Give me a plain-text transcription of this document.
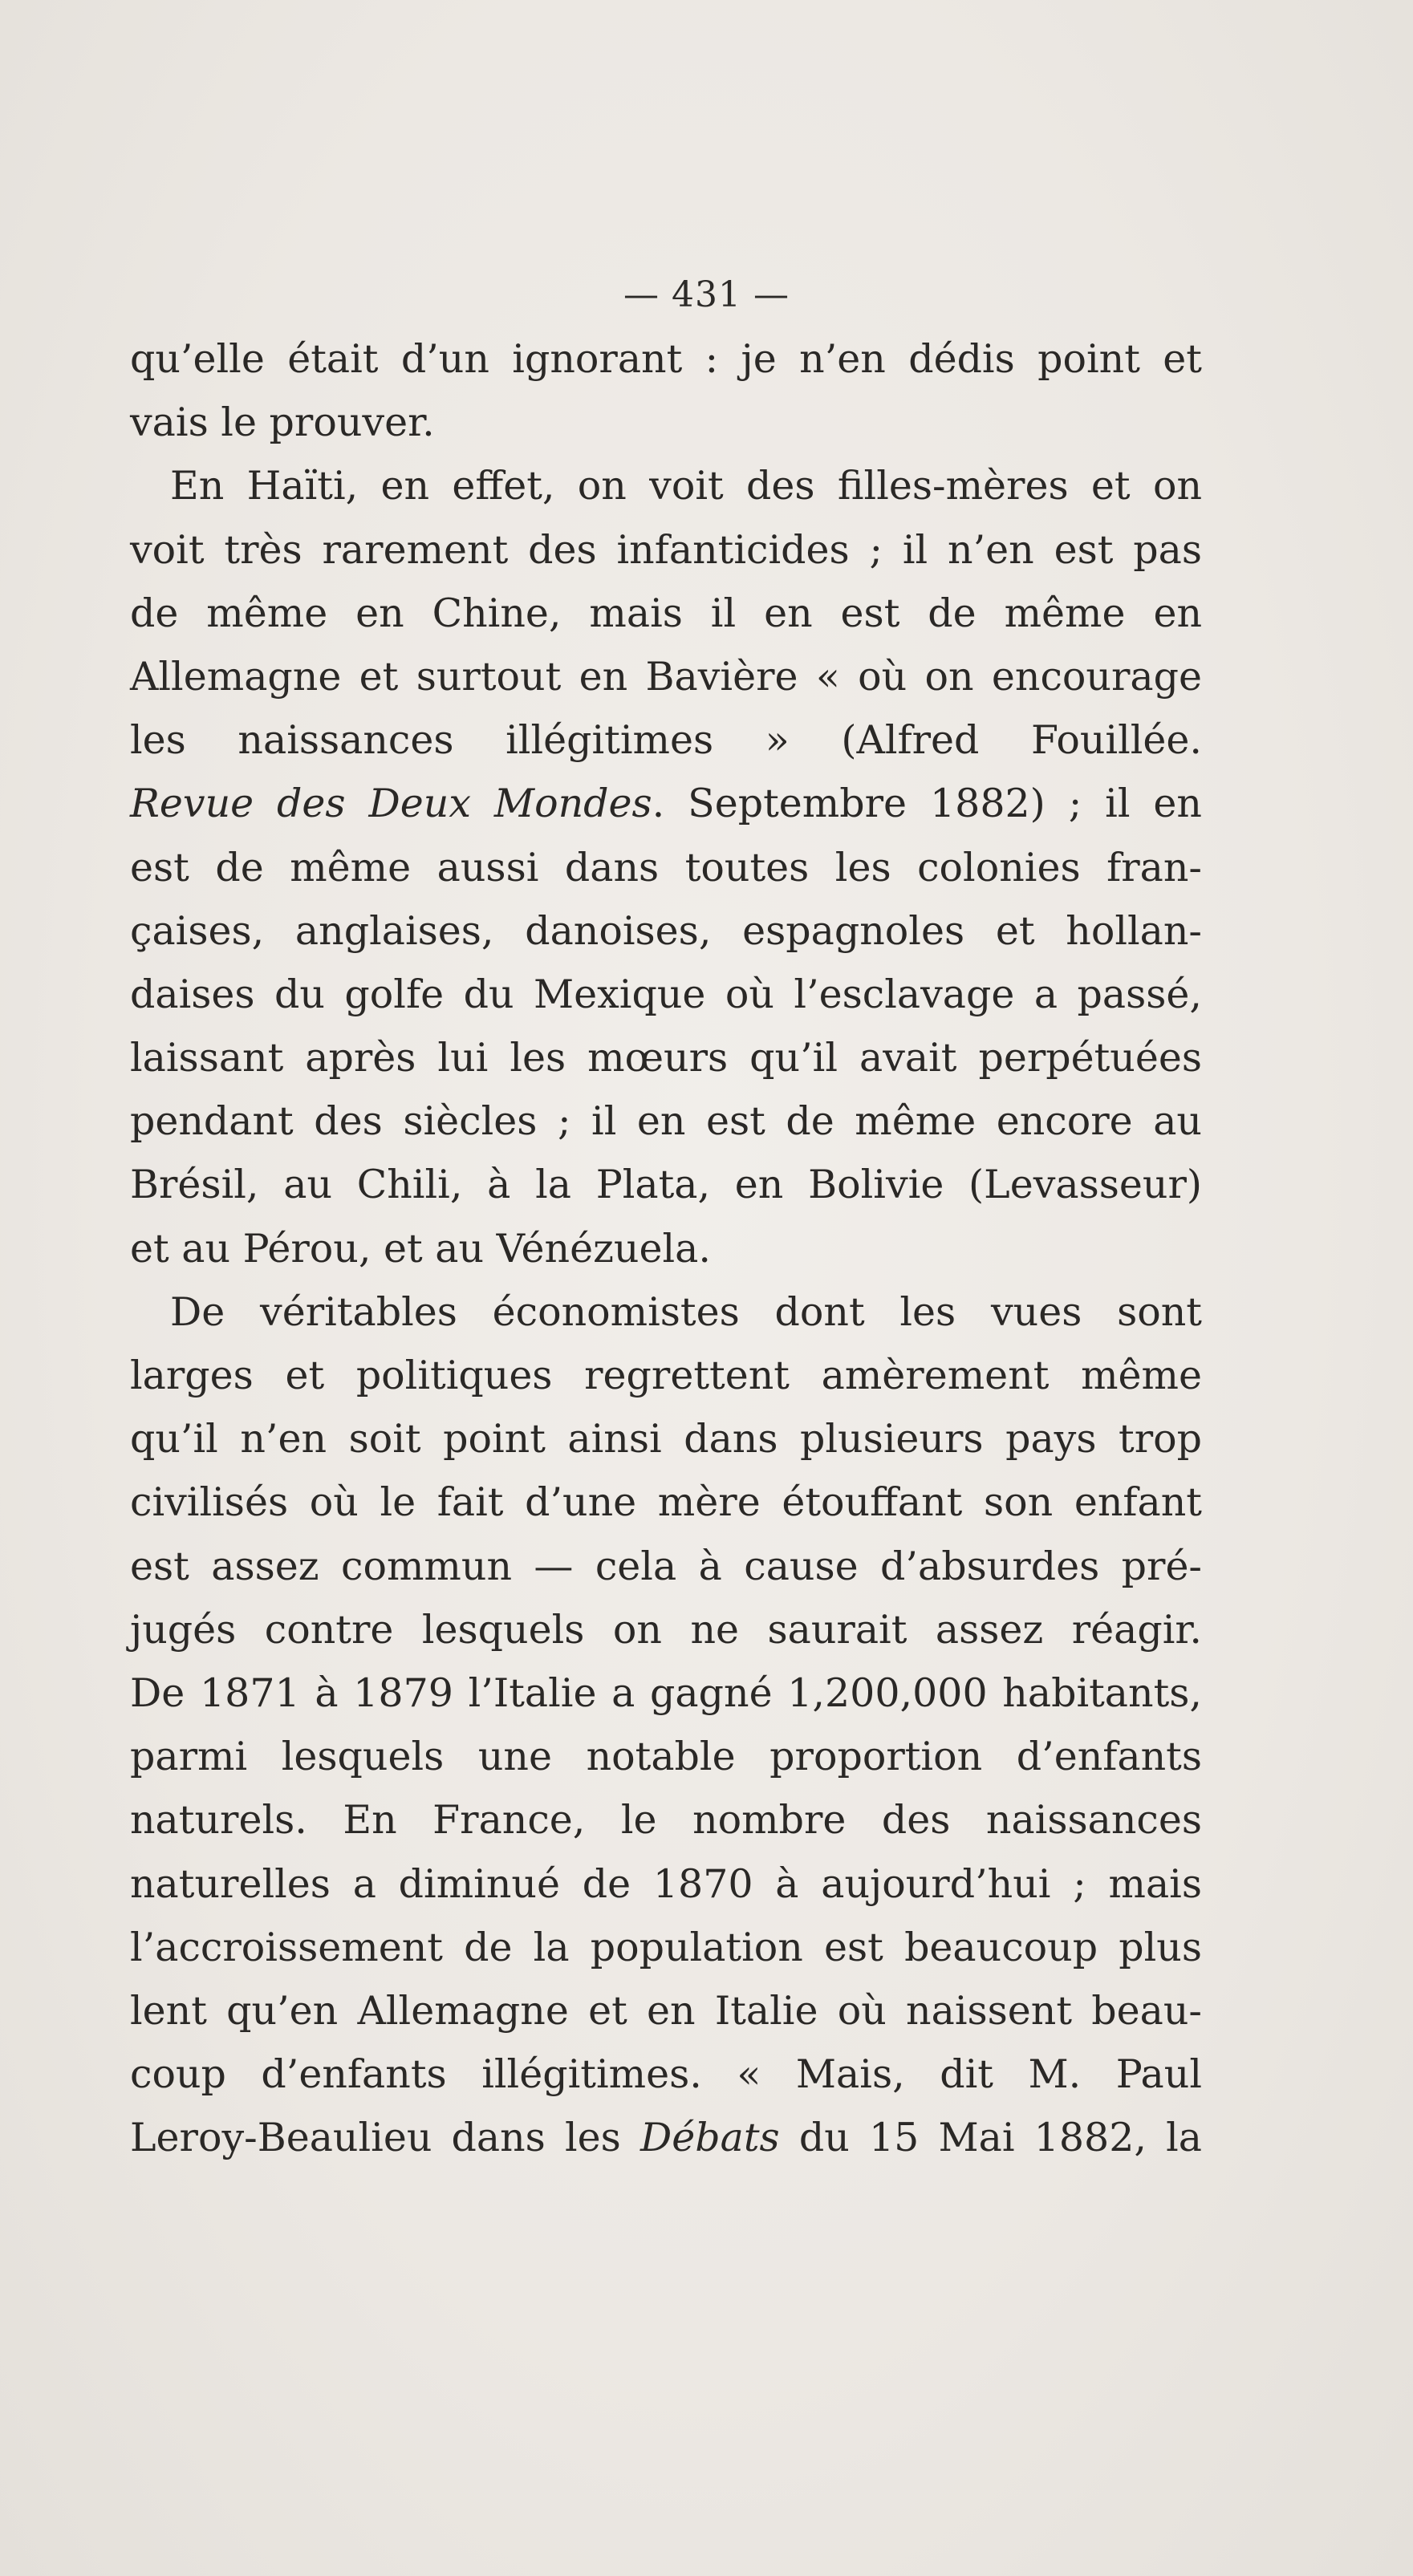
— 431 —
qu’elle était d’un ignorant : je n’en dédis point et
vais le prouver.
En Haïti, en effet, on voit des filles-mères et on
voit très rarement des infanticides ; il n’en est pas
de même en Chine, mais il en est de même en
Allemagne et surtout en Bavière « où on encourage
les naissances illégitimes » (Alfred Fouillée.
Revue des Deux Mondes. Septembre 1882) ; il en
est de même aussi dans toutes les colonies fran-
çaises, anglaises, danoises, espagnoles et hollan-
daises du golfe du Mexique où l’esclavage a passé,
laissant après lui les mœurs qu’il avait perpétuées
pendant des siècles ; il en est de même encore au
Brésil, au Chili, à la Plata, en Bolivie (Levasseur)
et au Pérou, et au Vénézuela.
De véritables économistes dont les vues sont
larges et politiques regrettent amèrement même
qu’il n’en soit point ainsi dans plusieurs pays trop
civilisés où le fait d’une mère étouffant son enfant
est assez commun — cela à cause d’absurdes pré-
jugés contre lesquels on ne saurait assez réagir.
De 1871 à 1879 l’Italie a gagné 1,200,000 habitants,
parmi lesquels une notable proportion d’enfants
naturels. En France, le nombre des naissances
naturelles a diminué de 1870 à aujourd’hui ; mais
l’accroissement de la population est beaucoup plus
lent qu’en Allemagne et en Italie où naissent beau-
coup d’enfants illégitimes. « Mais, dit M. Paul
Leroy-Beaulieu dans les Débats du 15 Mai 1882, la
